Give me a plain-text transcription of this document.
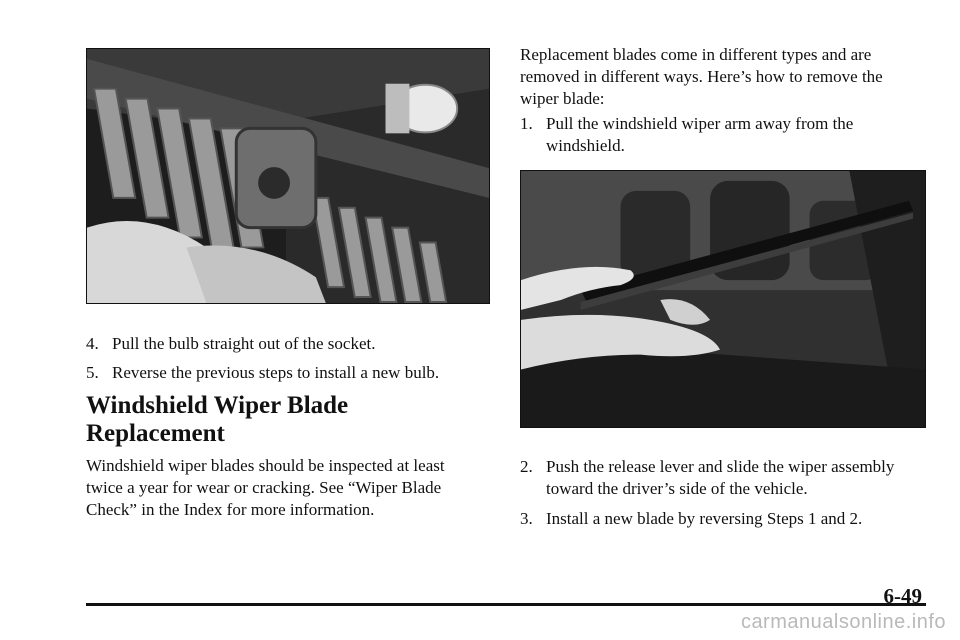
4. Pull the bulb straight out of the socket.
5. Reverse the previous steps to install a new bulb.
Windshield Wiper Blade
Replacement
Windshield wiper blades should be inspected at least twice a year for wear or cracking. See “Wiper Blade Check” in the Index for more information.
Replacement blades come in different types and are removed in different ways. Here’s how to remove the wiper blade:
1. Pull the windshield wiper arm away from the windshield.
2. Push the release lever and slide the wiper assembly toward the driver’s side of the vehicle.
3. Install a new blade by reversing Steps 1 and 2.
6-49
carmanualsonline.info
